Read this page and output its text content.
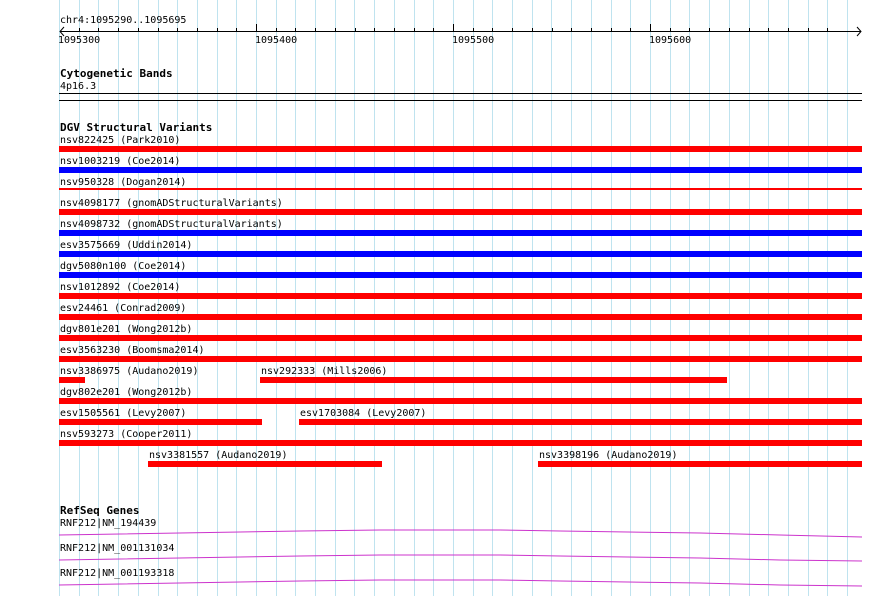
chr4:1095290..1095695
1095300	1095400	1095500	1095600
Cytogenetic Bands
4p16.3
DGV Structural Variants
nsv822425 (Park2010)
nsv1003219 (Coe2014)
nsv950328 (Dogan2014)
nsv4098177 (gnomADStructuralVariants)
nsv4098732 (gnomADStructuralVariants)
esv3575669 (Uddin2014)
dgv5080n100 (Coe2014)
nsv1012892 (Coe2014)
esv24461 (Conrad2009)
dgv801e201 (Wong2012b)
esv3563230 (Boomsma2014)
nsv3386975 (Audano2019)	nsv292333 (Mills2006)
dgv802e201 (Wong2012b)
esv1505561 (Levy2007)	esv1703084 (Levy2007)
nsv593273 (Cooper2011)
nsv3381557 (Audano2019)	nsv3398196 (Audano2019)
RefSeq Genes
RNF212|NM_194439
RNF212|NM_001131034
RNF212|NM_001193318
